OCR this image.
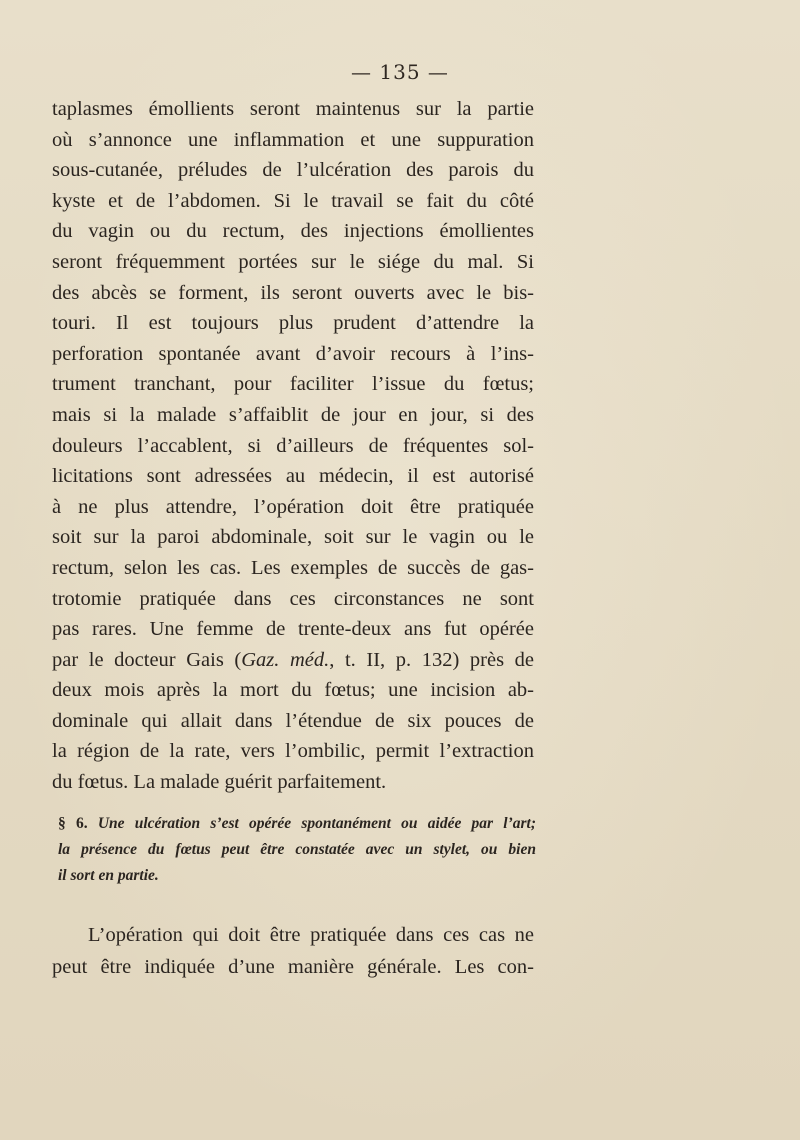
— 135 —
taplasmes émollients seront maintenus sur la partie
où s’annonce une inflammation et une suppuration
sous-cutanée, préludes de l’ulcération des parois du
kyste et de l’abdomen. Si le travail se fait du côté
du vagin ou du rectum, des injections émollientes
seront fréquemment portées sur le siége du mal. Si
des abcès se forment, ils seront ouverts avec le bis-
touri. Il est toujours plus prudent d’attendre la
perforation spontanée avant d’avoir recours à l’ins-
trument tranchant, pour faciliter l’issue du fœtus;
mais si la malade s’affaiblit de jour en jour, si des
douleurs l’accablent, si d’ailleurs de fréquentes sol-
licitations sont adressées au médecin, il est autorisé
à ne plus attendre, l’opération doit être pratiquée
soit sur la paroi abdominale, soit sur le vagin ou le
rectum, selon les cas. Les exemples de succès de gas-
trotomie pratiquée dans ces circonstances ne sont
pas rares. Une femme de trente-deux ans fut opérée
par le docteur Gais (Gaz. méd., t. II, p. 132) près de
deux mois après la mort du fœtus; une incision ab-
dominale qui allait dans l’étendue de six pouces de
la région de la rate, vers l’ombilic, permit l’extraction
du fœtus. La malade guérit parfaitement.
§ 6. Une ulcération s’est opérée spontanément ou aidée par l’art;
la présence du fœtus peut être constatée avec un stylet, ou bien
il sort en partie.
L’opération qui doit être pratiquée dans ces cas ne
peut être indiquée d’une manière générale. Les con-
